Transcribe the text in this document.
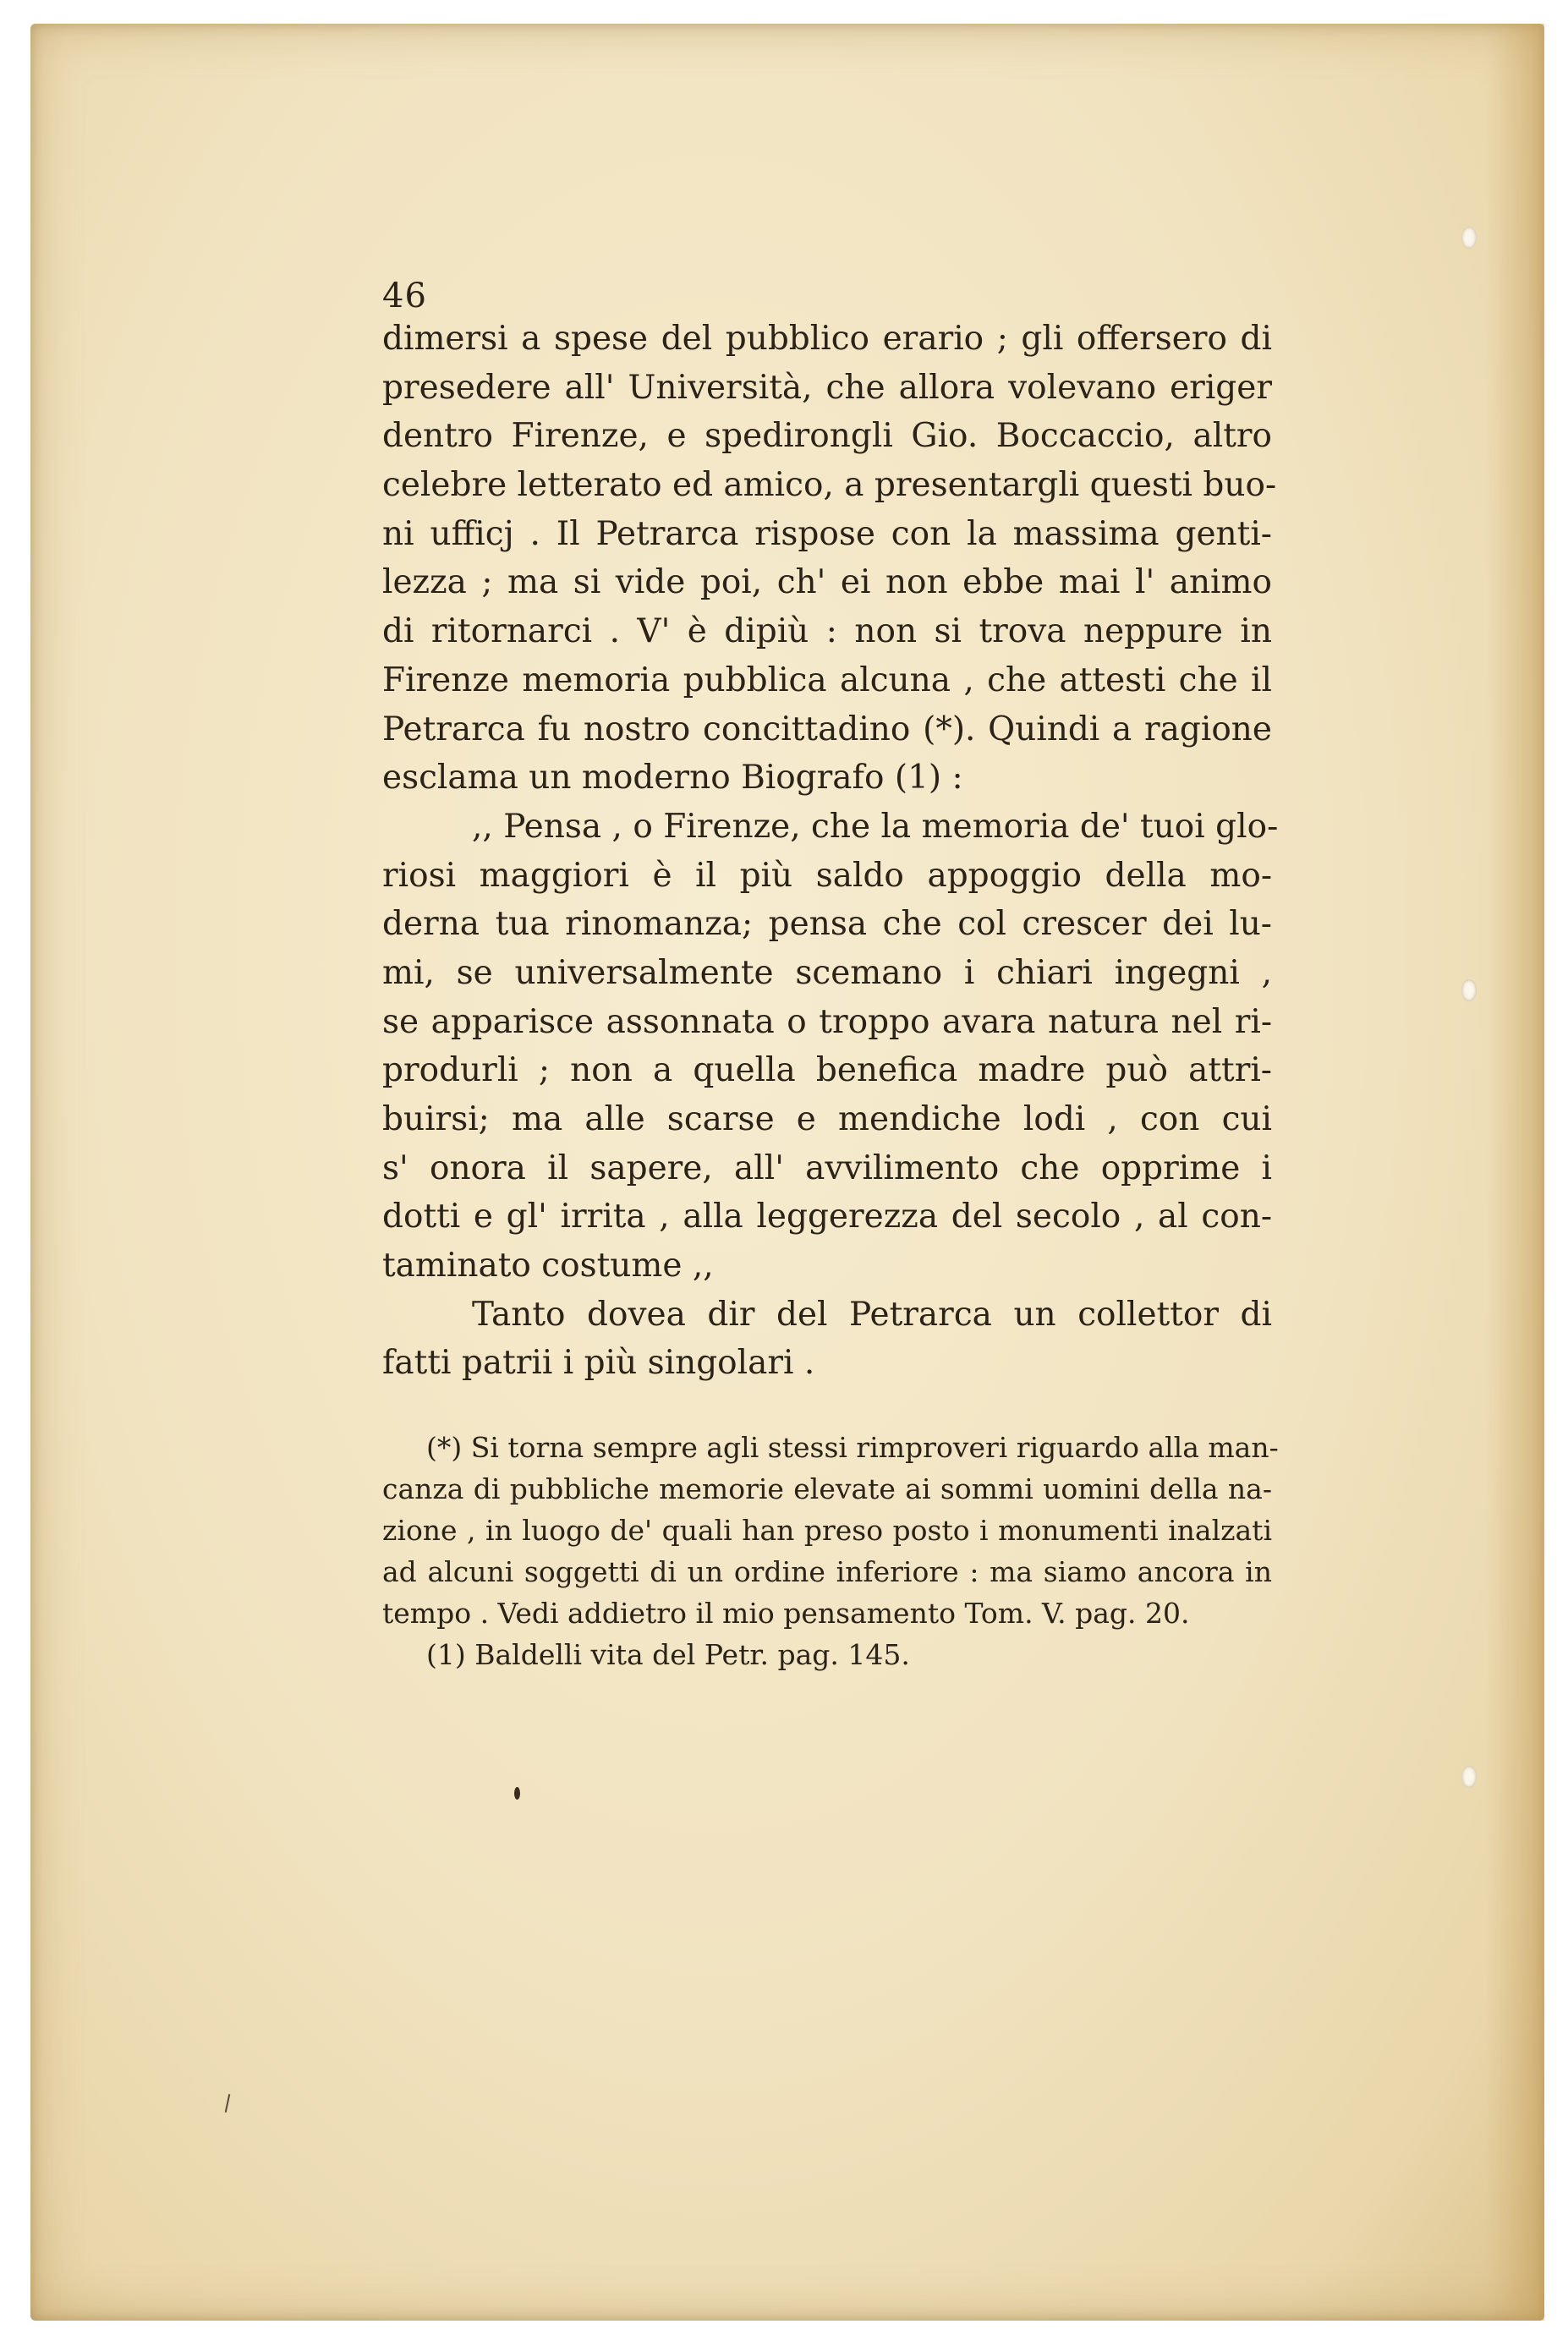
46
dimersi a spese del pubblico erario ; gli offersero di
presedere all' Università, che allora volevano eriger
dentro Firenze, e spedirongli Gio. Boccaccio, altro
celebre letterato ed amico, a presentargli questi buo-
ni ufficj . Il Petrarca rispose con la massima genti-
lezza ; ma si vide poi, ch' ei non ebbe mai l' animo
di ritornarci . V' è dipiù : non si trova neppure in
Firenze memoria pubblica alcuna , che attesti che il
Petrarca fu nostro concittadino (*). Quindi a ragione
esclama un moderno Biografo (1) :
,, Pensa , o Firenze, che la memoria de' tuoi glo-
riosi maggiori è il più saldo appoggio della mo-
derna tua rinomanza; pensa che col crescer dei lu-
mi, se universalmente scemano i chiari ingegni ,
se apparisce assonnata o troppo avara natura nel ri-
produrli ; non a quella benefica madre può attri-
buirsi; ma alle scarse e mendiche lodi , con cui
s' onora il sapere, all' avvilimento che opprime i
dotti e gl' irrita , alla leggerezza del secolo , al con-
taminato costume ,,
Tanto dovea dir del Petrarca un collettor di
fatti patrii i più singolari .
(*) Si torna sempre agli stessi rimproveri riguardo alla man-
canza di pubbliche memorie elevate ai sommi uomini della na-
zione , in luogo de' quali han preso posto i monumenti inalzati
ad alcuni soggetti di un ordine inferiore : ma siamo ancora in
tempo . Vedi addietro il mio pensamento Tom. V. pag. 20.
(1) Baldelli vita del Petr. pag. 145.
